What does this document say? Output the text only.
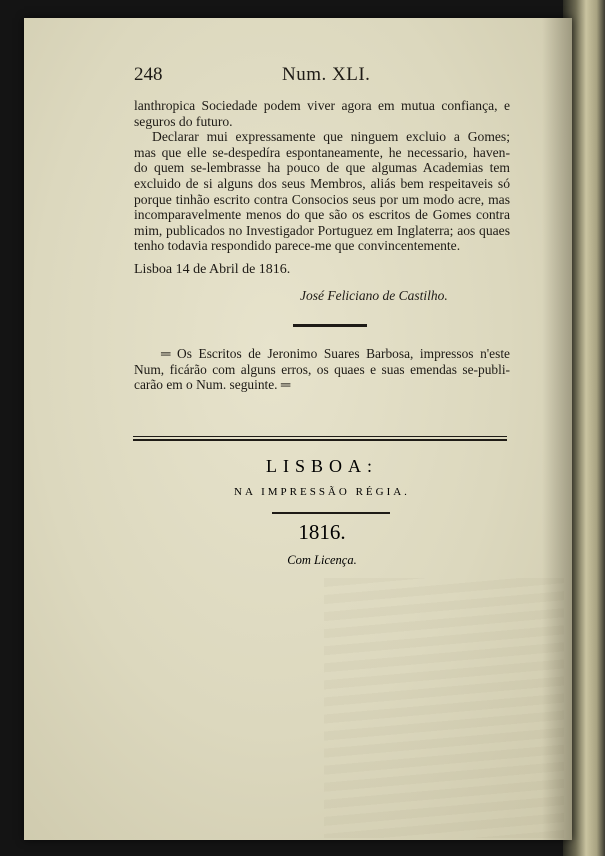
248	Num. XLI.
lanthropica Sociedade podem viver agora em mutua confiança, e
seguros do futuro.
Declarar mui expressamente que ninguem excluio a Gomes;
mas que elle se-despedíra espontaneamente, he necessario, haven-
do quem se-lembrasse ha pouco de que algumas Academias tem
excluido de si alguns dos seus Membros, aliás bem respeitaveis só
porque tinhão escrito contra Consocios seus por um modo acre, mas
incomparavelmente menos do que são os escritos de Gomes contra
mim, publicados no Investigador Portuguez em Inglaterra; aos quaes
tenho todavia respondido parece-me que convincentemente.
Lisboa 14 de Abril de 1816.
José Feliciano de Castilho.
═ Os Escritos de Jeronimo Suares Barbosa, impressos n'este
Num, ficárão com alguns erros, os quaes e suas emendas se-publi-
carão em o Num. seguinte. ═
LISBOA:
NA IMPRESSÃO RÉGIA.
1816.
Com Licença.
